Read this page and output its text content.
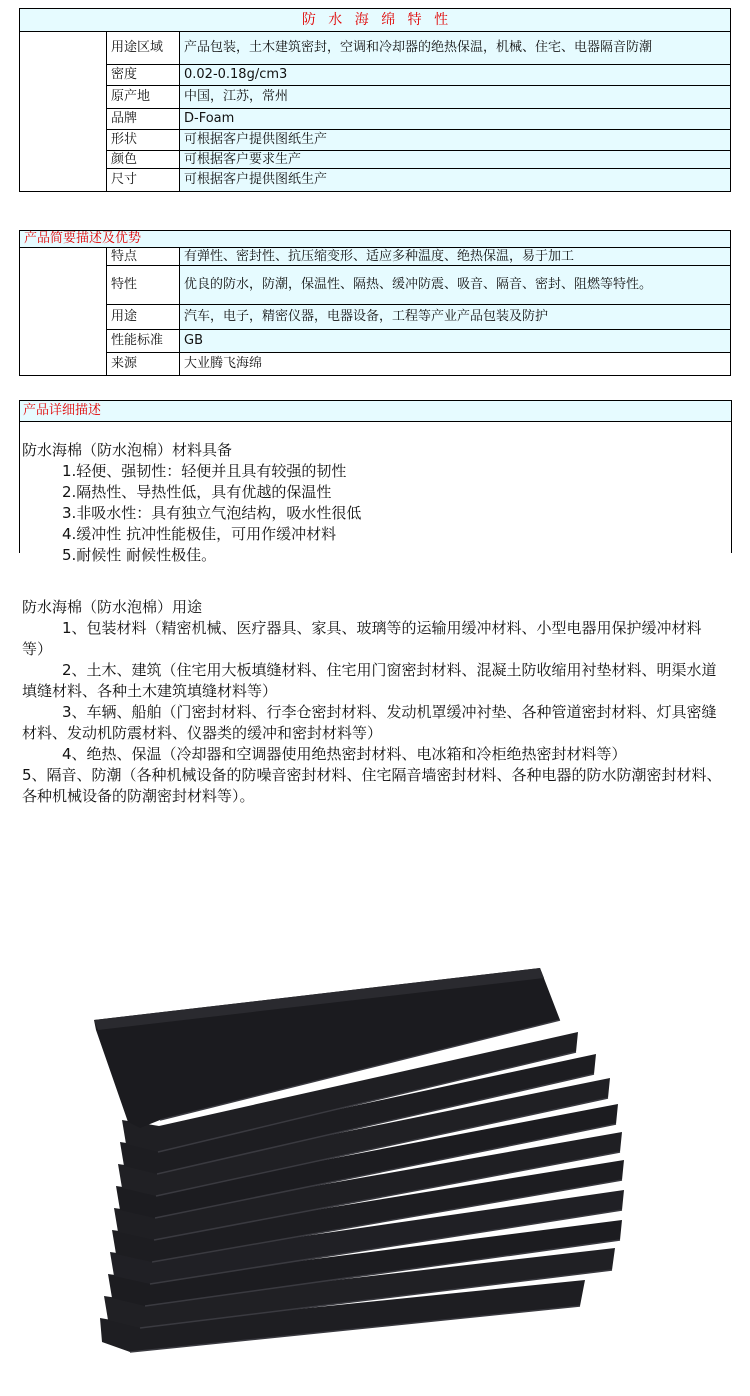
防 水 海 绵 特 性		
	用途区域	产品包装，土木建筑密封，空调和冷却器的绝热保温，机械、住宅、电器隔音防潮
	密度	0.02-0.18g/cm3
	原产地	中国，江苏，常州
	品牌	D-Foam
	形状	可根据客户提供图纸生产
	颜色	可根据客户要求生产
	尺寸	可根据客户提供图纸生产
产品简要描述及优势		
	特点	有弹性、密封性、抗压缩变形、适应多种温度、绝热保温，易于加工
	特性	优良的防水，防潮，保温性、隔热、缓冲防震、吸音、隔音、密封、阻燃等特性。
	用途	汽车，电子，精密仪器，电器设备，工程等产业产品包装及防护
	性能标准	GB
	来源	大业腾飞海绵
产品详细描述
防水海棉（防水泡棉）材料具备
1.轻便、强韧性：轻便并且具有较强的韧性
2.隔热性、导热性低，具有优越的保温性
3.非吸水性：具有独立气泡结构，吸水性很低
4.缓冲性 抗冲性能极佳，可用作缓冲材料
5.耐候性 耐候性极佳。
防水海棉（防水泡棉）用途
1、包装材料（精密机械、医疗器具、家具、玻璃等的运输用缓冲材料、小型电器用保护缓冲材料等）
2、土木、建筑（住宅用大板填缝材料、住宅用门窗密封材料、混凝土防收缩用衬垫材料、明渠水道填缝材料、各种土木建筑填缝材料等）
3、车辆、船舶（门密封材料、行李仓密封材料、发动机罩缓冲衬垫、各种管道密封材料、灯具密缝材料、发动机防震材料、仪器类的缓冲和密封材料等）
4、绝热、保温（冷却器和空调器使用绝热密封材料、电冰箱和冷柜绝热密封材料等）
5、隔音、防潮（各种机械设备的防噪音密封材料、住宅隔音墙密封材料、各种电器的防水防潮密封材料、各种机械设备的防潮密封材料等）。
